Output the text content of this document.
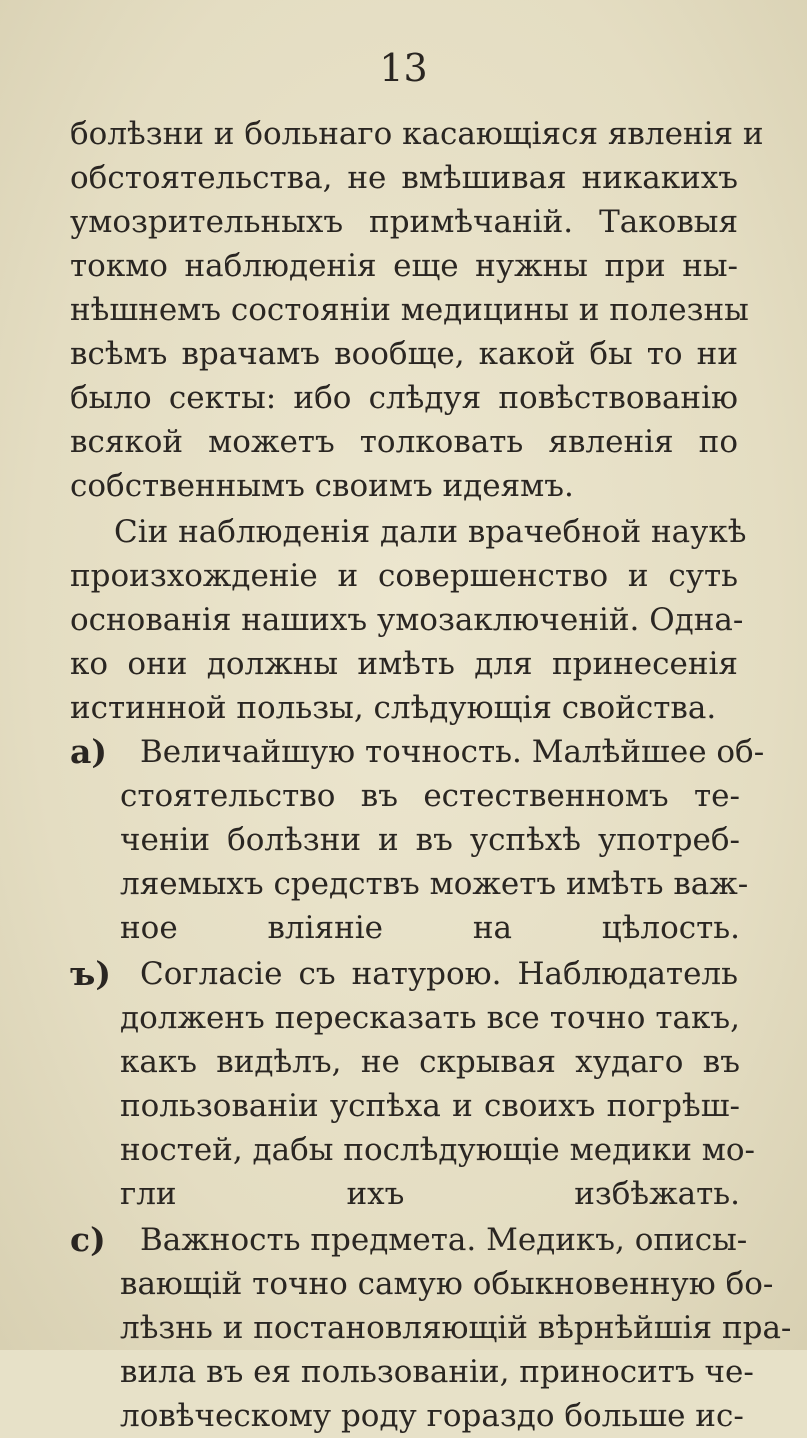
13
болѣзни и больнаго касающіяся явленія и
обстоятельства, не вмѣшивая никакихъ
умозрительныхъ примѣчаній. Таковыя
токмо наблюденія еще нужны при ны-
нѣшнемъ состояніи медицины и полезны
всѣмъ врачамъ вообще, какой бы то ни
было секты: ибо слѣдуя повѣствованію
всякой можетъ толковать явленія по
собственнымъ своимъ идеямъ.
Сіи наблюденія дали врачебной наукѣ
произхожденіе и совершенство и суть
основанія нашихъ умозаключеній. Одна-
ко они должны имѣть для принесенія
истинной пользы, слѣдующія свойства.
a) Величайшую точность. Малѣйшее об-
стоятельство въ естественномъ те-
ченіи болѣзни и въ успѣхѣ употреб-
ляемыхъ средствъ можетъ имѣть важ-
ное вліяніе на цѣлость.
ъ) Согласіе съ натурою. Наблюдатель
долженъ пересказать все точно такъ,
какъ видѣлъ, не скрывая худаго въ
пользованіи успѣха и своихъ погрѣш-
ностей, дабы послѣдующіе медики мо-
гли ихъ избѣжать.
c) Важность предмета. Медикъ, описы-
вающій точно самую обыкновенную бо-
лѣзнь и постановляющій вѣрнѣйшія пра-
вила въ ея пользованіи, приноситъ че-
ловѣческому роду гораздо больше ис-
